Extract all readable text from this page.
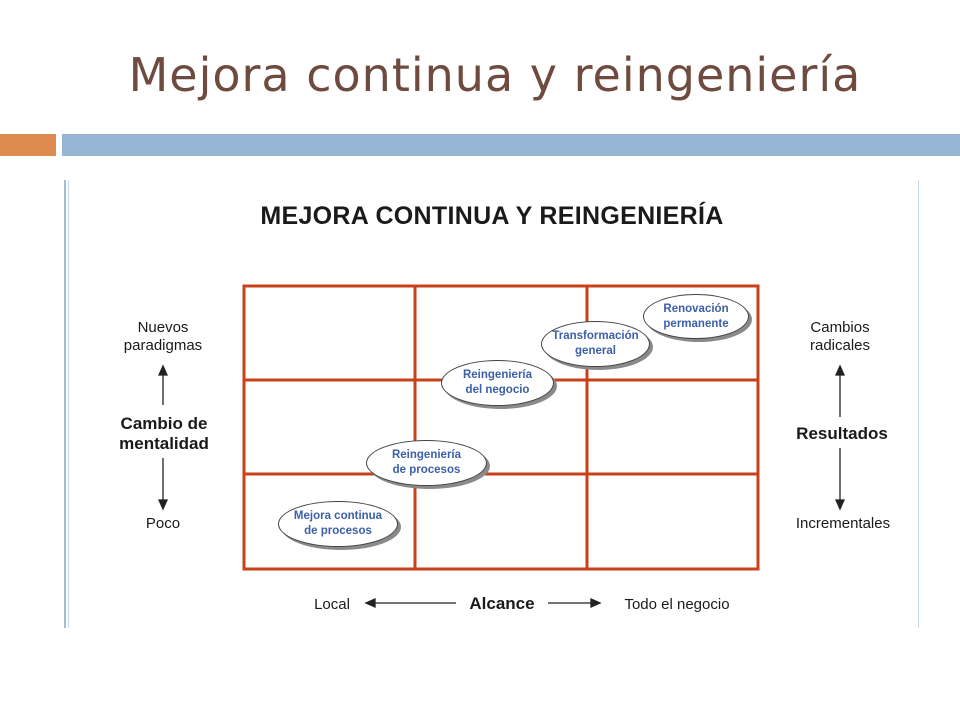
Mejora continua y reingeniería
MEJORA CONTINUA Y REINGENIERÍA
Nuevos paradigmas
Cambio de mentalidad
Poco
Cambios radicales
Resultados
Incrementales
Local	Alcance	Todo el negocio
Mejora continua
de procesos
Reingeniería
de procesos
Reingeniería
del negocio
Transformación
general
Renovación
permanente
